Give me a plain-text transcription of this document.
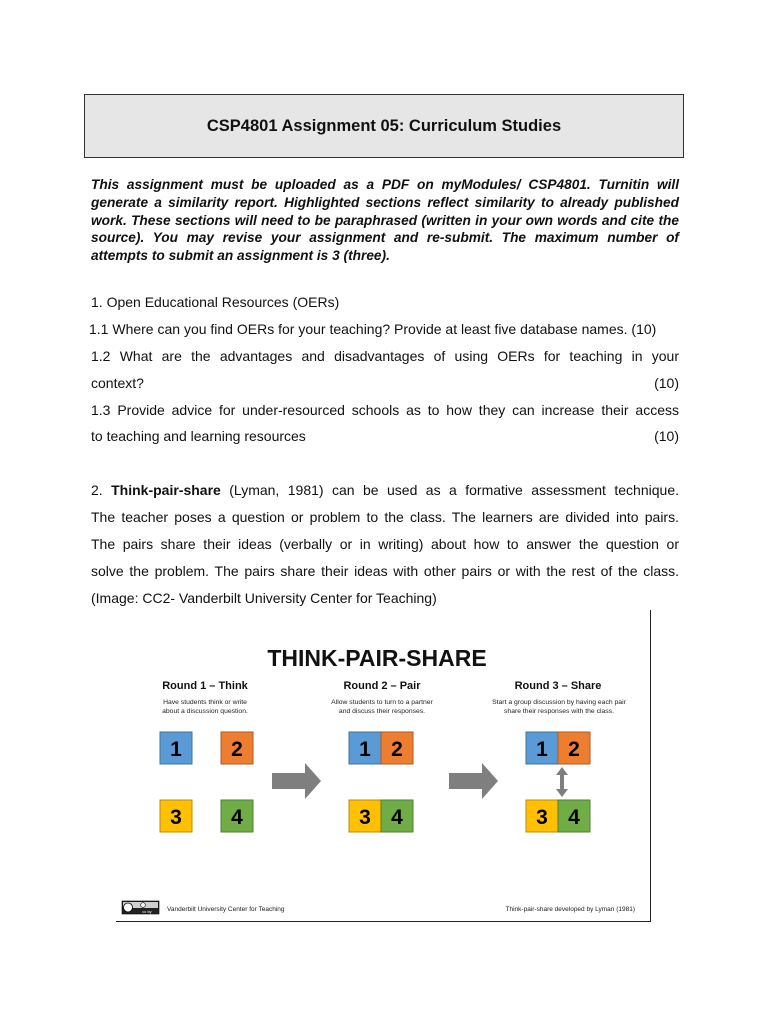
CSP4801 Assignment 05: Curriculum Studies

This assignment must be uploaded as a PDF on myModules/ CSP4801. Turnitin will generate a similarity report. Highlighted sections reflect similarity to already published work. These sections will need to be paraphrased (written in your own words and cite the source). You may revise your assignment and re-submit. The maximum number of attempts to submit an assignment is 3 (three).

1. Open Educational Resources (OERs)
1.1 Where can you find OERs for your teaching? Provide at least five database names. (10)
1.2 What are the advantages and disadvantages of using OERs for teaching in your
context?	(10)
1.3 Provide advice for under-resourced schools as to how they can increase their access
to teaching and learning resources	(10)
2. Think-pair-share (Lyman, 1981) can be used as a formative assessment technique.
The teacher poses a question or problem to the class. The learners are divided into pairs.
The pairs share their ideas (verbally or in writing) about how to answer the question or
solve the problem. The pairs share their ideas with other pairs or with the rest of the class.
(Image: CC2- Vanderbilt University Center for Teaching)
THINK-PAIR-SHARE
Round 1 – Think
Have students think or write
about a discussion question.
Round 2 – Pair
Allow students to turn to a partner
and discuss their responses.
Round 3 – Share
Start a group discussion by having each pair
share their responses with the class.
1 2
3 4
1 2
3 4
1 2
3 4
cc by Vanderbilt University Center for Teaching	Think-pair-share developed by Lyman (1981)
